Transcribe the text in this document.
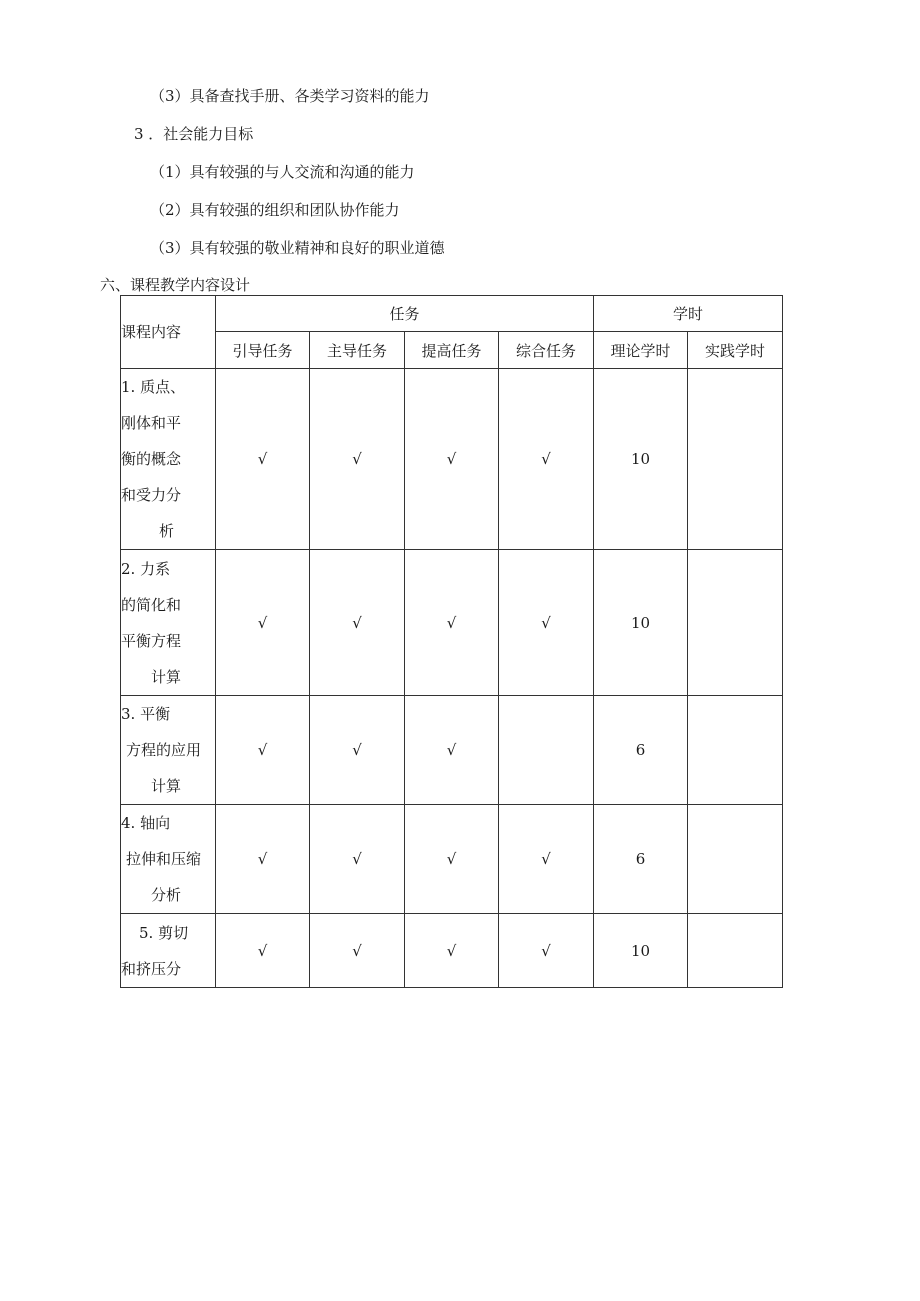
（3）具备查找手册、各类学习资料的能力
3 ．社会能力目标
（1）具有较强的与人交流和沟通的能力
（2）具有较强的组织和团队协作能力
（3）具有较强的敬业精神和良好的职业道德
六、课程教学内容设计
课程内容	任务				学时	
	引导任务	主导任务	提高任务	综合任务	理论学时	实践学时

1. 质点、
刚体和平
衡的概念
和受力分
析	√	√	√	√	10	

2. 力系
的简化和
平衡方程
计算	√	√	√	√	10	

3. 平衡
方程的应用
计算	√	√	√		6	

4. 轴向
拉伸和压缩
分析	√	√	√	√	6	

5. 剪切
和挤压分	√	√	√	√	10	
